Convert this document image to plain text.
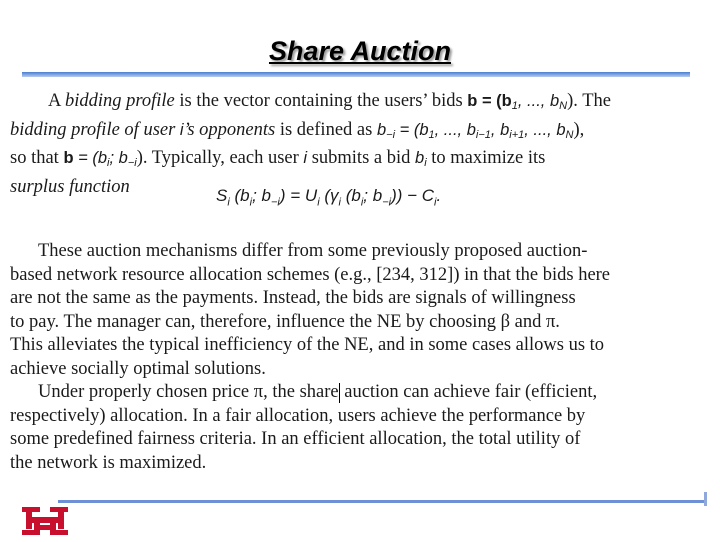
Share Auction
A bidding profile is the vector containing the users’ bids b = (b1, ..., bN). The
bidding profile of user i’s opponents is defined as b−i = (b1, ..., bi−1, bi+1, ..., bN),
so that b = (bi; b−i). Typically, each user i submits a bid bi to maximize its
surplus function	$S_i$ ($b_i$; $b_{-i}) = U_i$ ($\gamma_i$ ($b_i$; $b_{-i})) - C_i$.
These auction mechanisms differ from some previously proposed auction-
based network resource allocation schemes (e.g., [234, 312]) in that the bids here
are not the same as the payments. Instead, the bids are signals of willingness
to pay. The manager can, therefore, influence the NE by choosing β and π.
This alleviates the typical inefficiency of the NE, and in some cases allows us to
achieve socially optimal solutions.
Under properly chosen price π, the share auction can achieve fair (efficient,
respectively) allocation. In a fair allocation, users achieve the performance by
some predefined fairness criteria. In an efficient allocation, the total utility of
the network is maximized.
